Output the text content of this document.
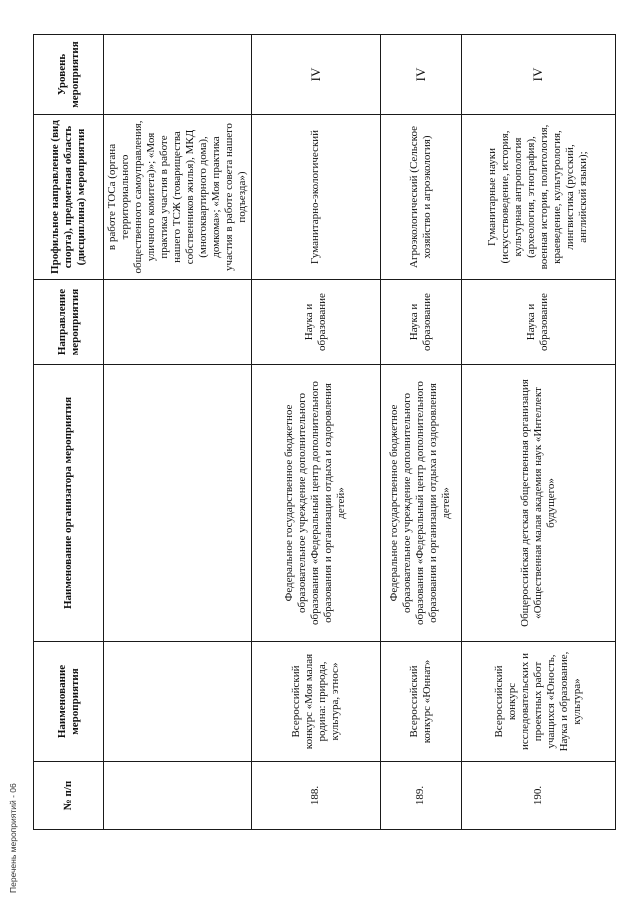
№ п/п	Наименование мероприятия	Наименование организатора мероприятия	Направление мероприятия	Профильное направление (вид спорта), предметная область (дисциплина) мероприятия	Уровень мероприятия
				в работе ТОСа (органа территориального общественного самоуправления, уличного комитета)»; «Моя практика участия в работе нашего ТСЖ (товарищества собственников жилья), МКД (многоквартирного дома), домкома»; «Моя практика участия в работе совета нашего подъезда»)	
188.	Всероссийский конкурс «Моя малая родина: природа, культура, этнос»	Федеральное государственное бюджетное образовательное учреждение дополнительного образования «Федеральный центр дополнительного образования и организации отдыха и оздоровления детей»	Наука и образование	Гуманитарно-экологический	IV
189.	Всероссийский конкурс «Юннат»	Федеральное государственное бюджетное образовательное учреждение дополнительного образования «Федеральный центр дополнительного образования и организации отдыха и оздоровления детей»	Наука и образование	Агроэкологический (Сельское хозяйство и агроэкология)	IV
190.	Всероссийский конкурс исследовательских и проектных работ учащихся «Юность, Наука и образование, культура»	Общероссийская детская общественная организация «Общественная малая академия наук «Интеллект будущего»	Наука и образование	Гуманитарные науки (искусствоведение, история, культурная антропология (археология, этнография), военная история, политология, краеведение, культурология, лингвистика (русский, английский языки);	IV
Перечень мероприятий - 06
